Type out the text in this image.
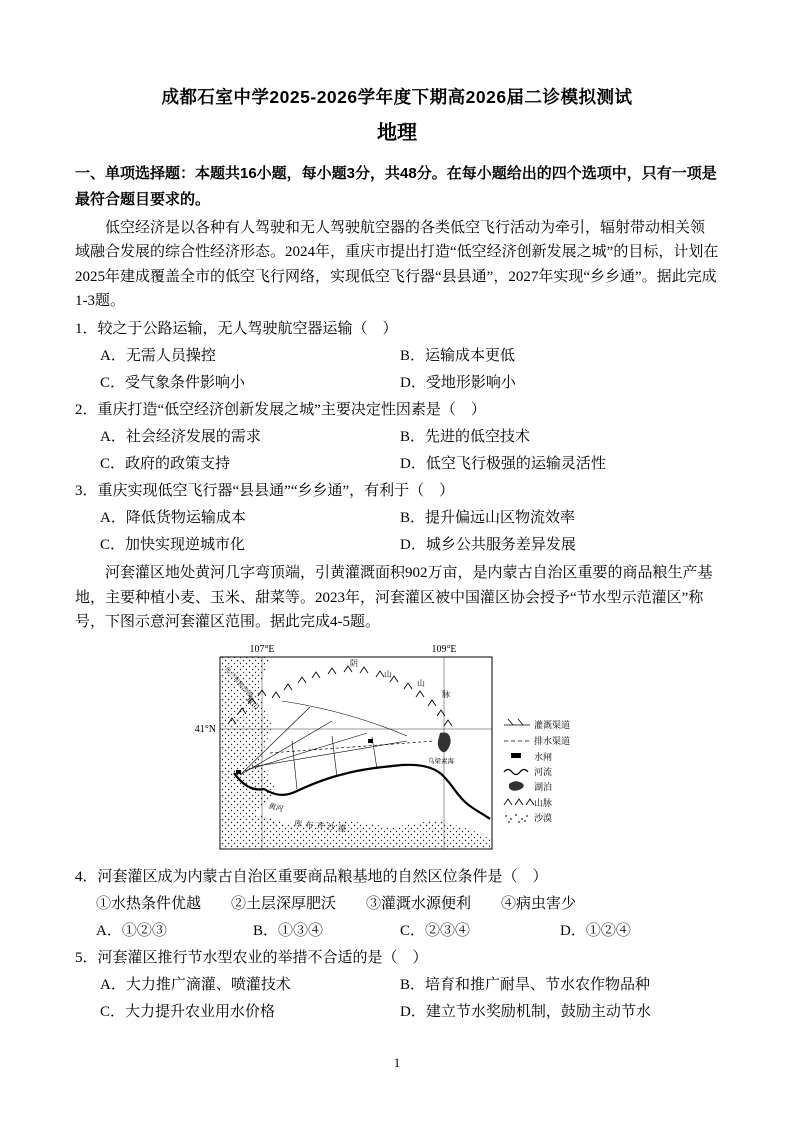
成都石室中学2025-2026学年度下期高2026届二诊模拟测试
地理

一、单项选择题：本题共16小题，每小题3分，共48分。在每小题给出的四个选项中，只有一项是最符合题目要求的。

低空经济是以各种有人驾驶和无人驾驶航空器的各类低空飞行活动为牵引，辐射带动相关领域融合发展的综合性经济形态。2024年，重庆市提出打造“低空经济创新发展之城”的目标，计划在2025年建成覆盖全市的低空飞行网络，实现低空飞行器“县县通”，2027年实现“乡乡通”。据此完成1-3题。

1．较之于公路运输，无人驾驶航空器运输（　）

A．无需人员操控	B．运输成本更低
C．受气象条件影响小	D．受地形影响小

2．重庆打造“低空经济创新发展之城”主要决定性因素是（　）

A．社会经济发展的需求	B．先进的低空技术
C．政府的政策支持	D．低空飞行极强的运输灵活性

3．重庆实现低空飞行器“县县通”“乡乡通”，有利于（　）

A．降低货物运输成本	B．提升偏远山区物流效率
C．加快实现逆城市化	D．城乡公共服务差异发展

河套灌区地处黄河几字弯顶端，引黄灌溉面积902万亩，是内蒙古自治区重要的商品粮生产基地，主要种植小麦、玉米、甜菜等。2023年，河套灌区被中国灌区协会授予“节水型示范灌区”称号，下图示意河套灌区范围。据此完成4-5题。

107°E	109°E
41°N
阴
山
山
脉
狼山
乌兰布和沙漠
库布齐沙漠
乌梁素海
黄河
灌溉渠道
排水渠道
水闸
河流
湖泊
山脉
沙漠

4．河套灌区成为内蒙古自治区重要商品粮基地的自然区位条件是（　）

①水热条件优越　　②土层深厚肥沃　　③灌溉水源便利　　④病虫害少

A．①②③	B．①③④	C．②③④	D．①②④

5．河套灌区推行节水型农业的举措不合适的是（　）

A．大力推广滴灌、喷灌技术	B．培育和推广耐旱、节水农作物品种
C．大力提升农业用水价格	D．建立节水奖励机制，鼓励主动节水
1
